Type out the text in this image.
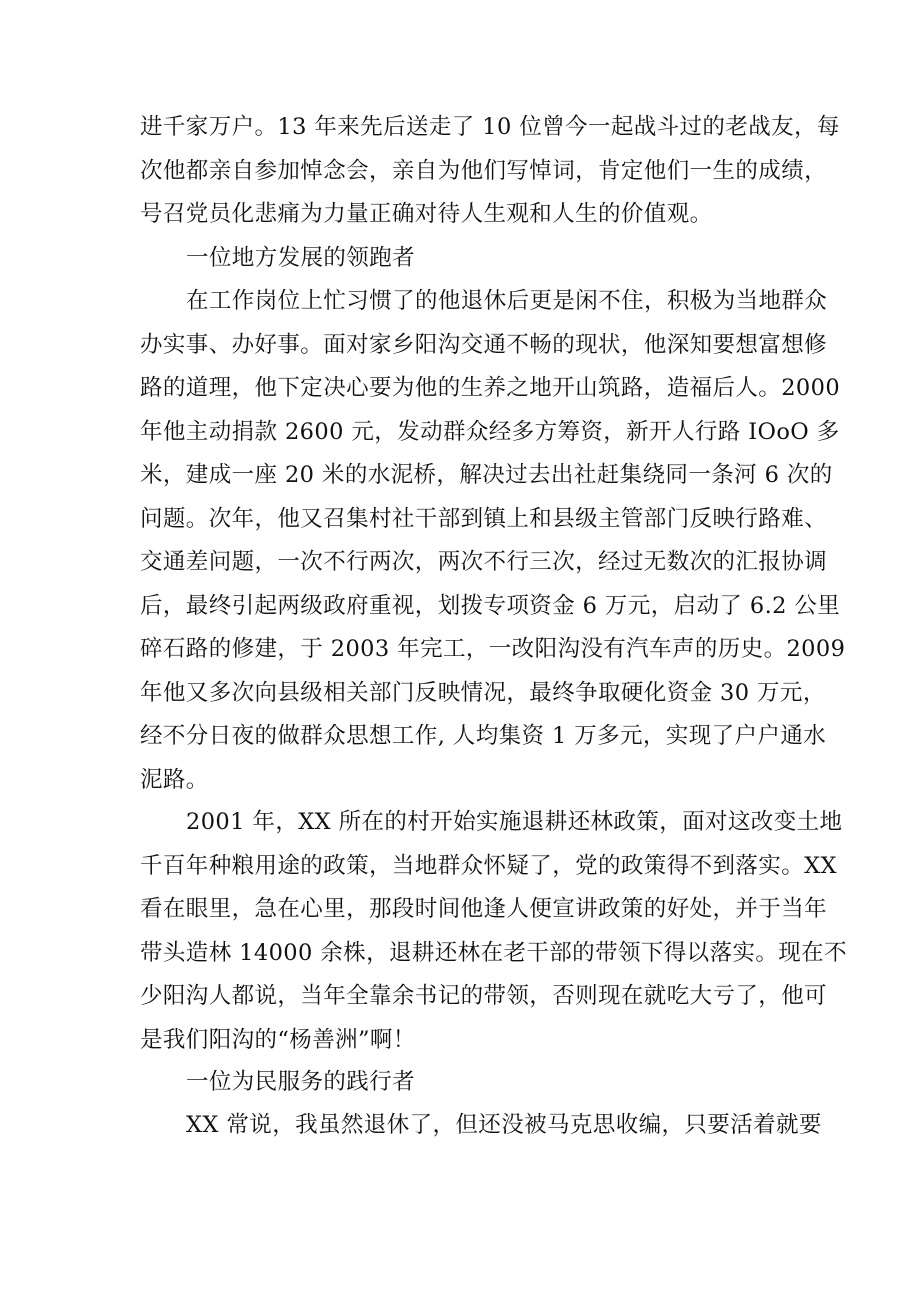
进千家万户。13 年来先后送走了 10 位曾今一起战斗过的老战友，每
次他都亲自参加悼念会，亲自为他们写悼词，肯定他们一生的成绩，
号召党员化悲痛为力量正确对待人生观和人生的价值观。
一位地方发展的领跑者
在工作岗位上忙习惯了的他退休后更是闲不住，积极为当地群众
办实事、办好事。面对家乡阳沟交通不畅的现状，他深知要想富想修
路的道理，他下定决心要为他的生养之地开山筑路，造福后人。2000
年他主动捐款 2600 元，发动群众经多方筹资，新开人行路 IOoO 多
米，建成一座 20 米的水泥桥，解决过去出社赶集绕同一条河 6 次的
问题。次年，他又召集村社干部到镇上和县级主管部门反映行路难、
交通差问题，一次不行两次，两次不行三次，经过无数次的汇报协调
后，最终引起两级政府重视，划拨专项资金 6 万元，启动了 6.2 公里
碎石路的修建，于 2003 年完工，一改阳沟没有汽车声的历史。2009
年他又多次向县级相关部门反映情况，最终争取硬化资金 30 万元，
经不分日夜的做群众思想工作, 人均集资 1 万多元，实现了户户通水
泥路。
2001 年，XX 所在的村开始实施退耕还林政策，面对这改变土地
千百年种粮用途的政策，当地群众怀疑了，党的政策得不到落实。XX
看在眼里，急在心里，那段时间他逢人便宣讲政策的好处，并于当年
带头造林 14000 余株，退耕还林在老干部的带领下得以落实。现在不
少阳沟人都说，当年全靠余书记的带领，否则现在就吃大亏了，他可
是我们阳沟的“杨善洲”啊！
一位为民服务的践行者
XX 常说，我虽然退休了，但还没被马克思收编，只要活着就要
